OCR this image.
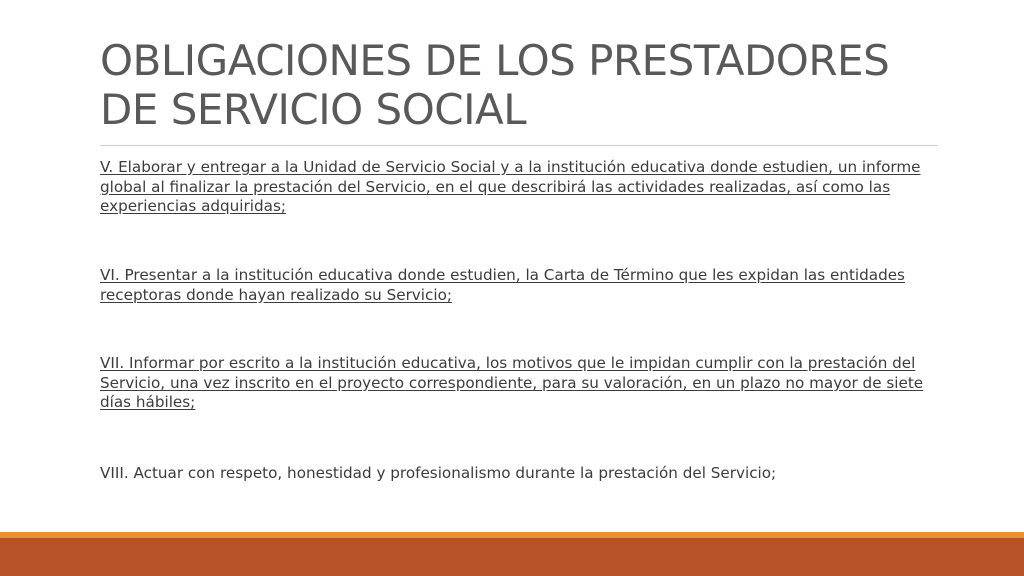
OBLIGACIONES DE LOS PRESTADORES DE SERVICIO SOCIAL

V. Elaborar y entregar a la Unidad de Servicio Social y a la institución educativa donde estudien, un informe global al finalizar la prestación del Servicio, en el que describirá las actividades realizadas, así como las experiencias adquiridas;

VI. Presentar a la institución educativa donde estudien, la Carta de Término que les expidan las entidades receptoras donde hayan realizado su Servicio;

VII. Informar por escrito a la institución educativa, los motivos que le impidan cumplir con la prestación del Servicio, una vez inscrito en el proyecto correspondiente, para su valoración, en un plazo no mayor de siete días hábiles;

VIII. Actuar con respeto, honestidad y profesionalismo durante la prestación del Servicio;
